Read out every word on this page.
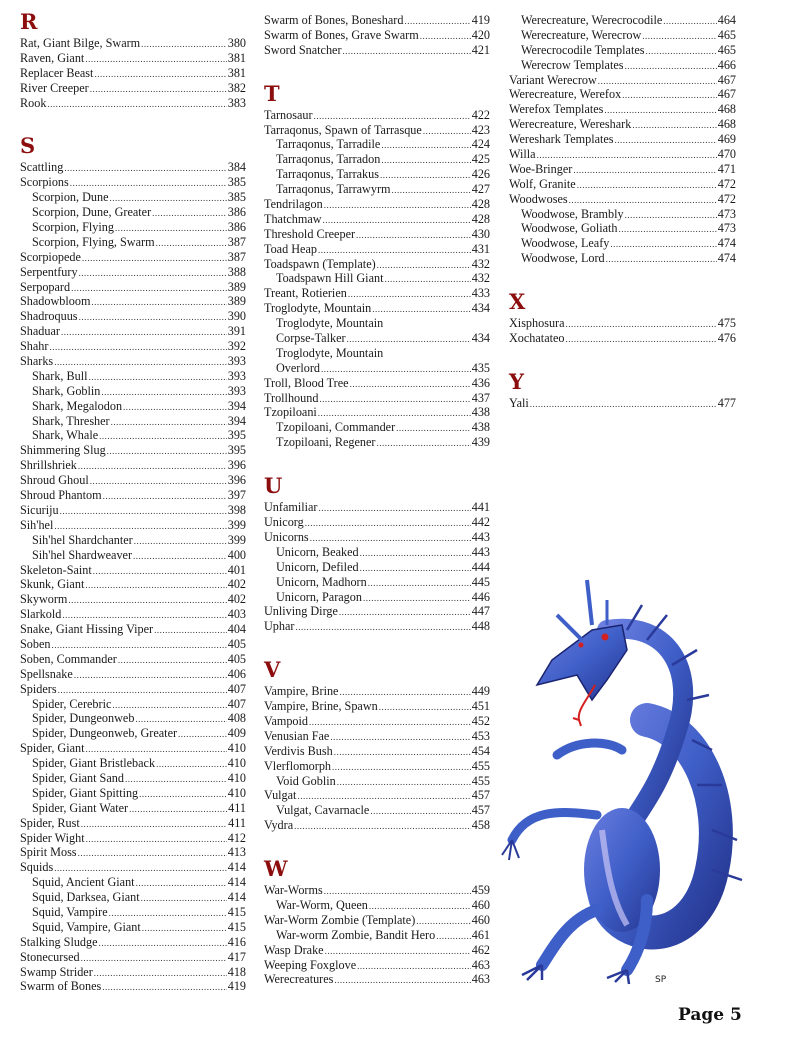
R
Rat, Giant Bilge, Swarm .....	380
Raven, Giant .....	381
Replacer Beast .....	381
River Creeper .....	382
Rook .....	383
S
Scattling .....	384
Scorpions .....	385
Scorpion, Dune .....	385
Scorpion, Dune, Greater .....	386
Scorpion, Flying .....	386
Scorpion, Flying, Swarm .....	387
Scorpiopede .....	387
Serpentfury .....	388
Serpopard .....	389
Shadowbloom .....	389
Shadroquus .....	390
Shaduar .....	391
Shahr .....	392
Sharks .....	393
Shark, Bull .....	393
Shark, Goblin .....	393
Shark, Megalodon .....	394
Shark, Thresher .....	394
Shark, Whale .....	395
Shimmering Slug .....	395
Shrillshriek .....	396
Shroud Ghoul .....	396
Shroud Phantom .....	397
Sicuriju .....	398
Sih'hel .....	399
Sih'hel Shardchanter .....	399
Sih'hel Shardweaver .....	400
Skeleton-Saint .....	401
Skunk, Giant .....	402
Skyworm .....	402
Slarkold .....	403
Snake, Giant Hissing Viper .....	404
Soben .....	405
Soben, Commander .....	405
Spellsnake .....	406
Spiders .....	407
Spider, Cerebric .....	407
Spider, Dungeonweb .....	408
Spider, Dungeonweb, Greater .....	409
Spider, Giant .....	410
Spider, Giant Bristleback .....	410
Spider, Giant Sand .....	410
Spider, Giant Spitting .....	410
Spider, Giant Water .....	411
Spider, Rust .....	411
Spider Wight .....	412
Spirit Moss .....	413
Squids .....	414
Squid, Ancient Giant .....	414
Squid, Darksea, Giant .....	414
Squid, Vampire .....	415
Squid, Vampire, Giant .....	415
Stalking Sludge .....	416
Stonecursed .....	417
Swamp Strider .....	418
Swarm of Bones .....	419
Swarm of Bones, Boneshard .....	419
Swarm of Bones, Grave Swarm .....	420
Sword Snatcher .....	421
T
Tarnosaur .....	422
Tarraqonus, Spawn of Tarrasque .....	423
Tarraqonus, Tarradile .....	424
Tarraqonus, Tarradon .....	425
Tarraqonus, Tarrakus .....	426
Tarraqonus, Tarrawyrm .....	427
Tendrilagon .....	428
Thatchmaw .....	428
Threshold Creeper .....	430
Toad Heap .....	431
Toadspawn (Template) .....	432
Toadspawn Hill Giant .....	432
Treant, Rotierien .....	433
Troglodyte, Mountain .....	434
Troglodyte, Mountain
Corpse-Talker .....	434
Troglodyte, Mountain
Overlord .....	435
Troll, Blood Tree .....	436
Trollhound .....	437
Tzopiloani .....	438
Tzopiloani, Commander .....	438
Tzopiloani, Regener .....	439
U
Unfamiliar .....	441
Unicorg .....	442
Unicorns .....	443
Unicorn, Beaked .....	443
Unicorn, Defiled .....	444
Unicorn, Madhorn .....	445
Unicorn, Paragon .....	446
Unliving Dirge .....	447
Uphar .....	448
V
Vampire, Brine .....	449
Vampire, Brine, Spawn .....	451
Vampoid .....	452
Venusian Fae .....	453
Verdivis Bush .....	454
Vlerflomorph .....	455
Void Goblin .....	455
Vulgat .....	457
Vulgat, Cavarnacle .....	457
Vydra .....	458
W
War-Worms .....	459
War-Worm, Queen .....	460
War-Worm Zombie (Template) .....	460
War-worm Zombie, Bandit Hero .....	461
Wasp Drake .....	462
Weeping Foxglove .....	463
Werecreatures .....	463
Werecreature, Werecrocodile .....	464
Werecreature, Werecrow .....	465
Werecrocodile Templates .....	465
Werecrow Templates .....	466
Variant Werecrow .....	467
Werecreature, Werefox .....	467
Werefox Templates .....	468
Werecreature, Wereshark .....	468
Wereshark Templates .....	469
Willa .....	470
Woe-Bringer .....	471
Wolf, Granite .....	472
Woodwoses .....	472
Woodwose, Brambly .....	473
Woodwose, Goliath .....	473
Woodwose, Leafy .....	474
Woodwose, Lord .....	474
X
Xisphosura .....	475
Xochatateo .....	476
Y
Yali .....	477
SP
Page 5
